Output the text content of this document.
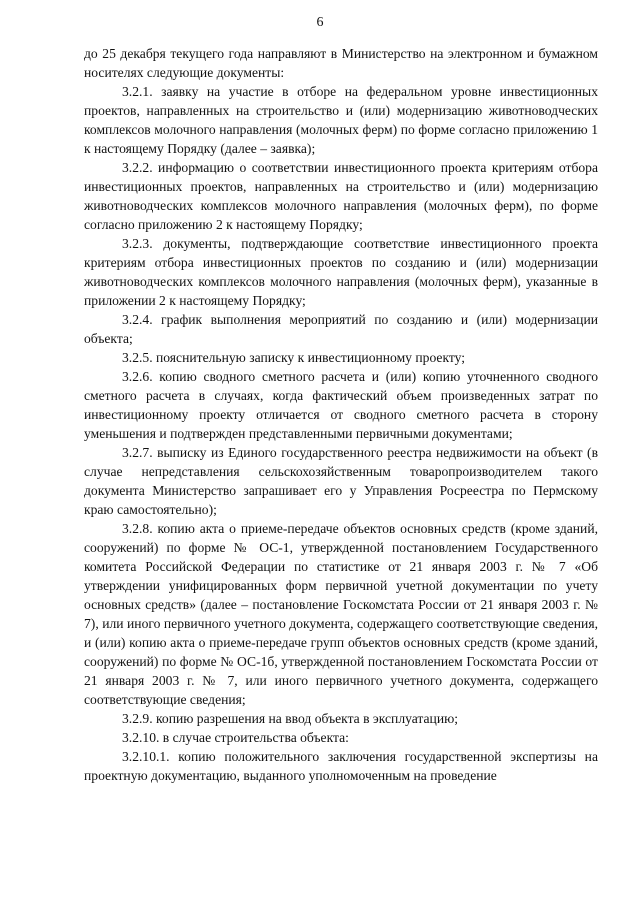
6

до 25 декабря текущего года направляют в Министерство на электронном и бумажном носителях следующие документы:

3.2.1. заявку на участие в отборе на федеральном уровне инвестиционных проектов, направленных на строительство и (или) модернизацию животноводческих комплексов молочного направления (молочных ферм) по форме согласно приложению 1 к настоящему Порядку (далее – заявка);

3.2.2. информацию о соответствии инвестиционного проекта критериям отбора инвестиционных проектов, направленных на строительство и (или) модернизацию животноводческих комплексов молочного направления (молочных ферм), по форме согласно приложению 2 к настоящему Порядку;

3.2.3. документы, подтверждающие соответствие инвестиционного проекта критериям отбора инвестиционных проектов по созданию и (или) модернизации животноводческих комплексов молочного направления (молочных ферм), указанные в приложении 2 к настоящему Порядку;

3.2.4. график выполнения мероприятий по созданию и (или) модернизации объекта;

3.2.5. пояснительную записку к инвестиционному проекту;

3.2.6. копию сводного сметного расчета и (или) копию уточненного сводного сметного расчета в случаях, когда фактический объем произведенных затрат по инвестиционному проекту отличается от сводного сметного расчета в сторону уменьшения и подтвержден представленными первичными документами;

3.2.7. выписку из Единого государственного реестра недвижимости на объект (в случае непредставления сельскохозяйственным товаропроизводителем такого документа Министерство запрашивает его у Управления Росреестра по Пермскому краю самостоятельно);

3.2.8. копию акта о приеме-передаче объектов основных средств (кроме зданий, сооружений) по форме № ОС-1, утвержденной постановлением Государственного комитета Российской Федерации по статистике от 21 января 2003 г. № 7 «Об утверждении унифицированных форм первичной учетной документации по учету основных средств» (далее – постановление Госкомстата России от 21 января 2003 г. № 7), или иного первичного учетного документа, содержащего соответствующие сведения, и (или) копию акта о приеме-передаче групп объектов основных средств (кроме зданий, сооружений) по форме № ОС-1б, утвержденной постановлением Госкомстата России от 21 января 2003 г. № 7, или иного первичного учетного документа, содержащего соответствующие сведения;

3.2.9. копию разрешения на ввод объекта в эксплуатацию;

3.2.10. в случае строительства объекта:

3.2.10.1. копию положительного заключения государственной экспертизы на проектную документацию, выданного уполномоченным на проведение
